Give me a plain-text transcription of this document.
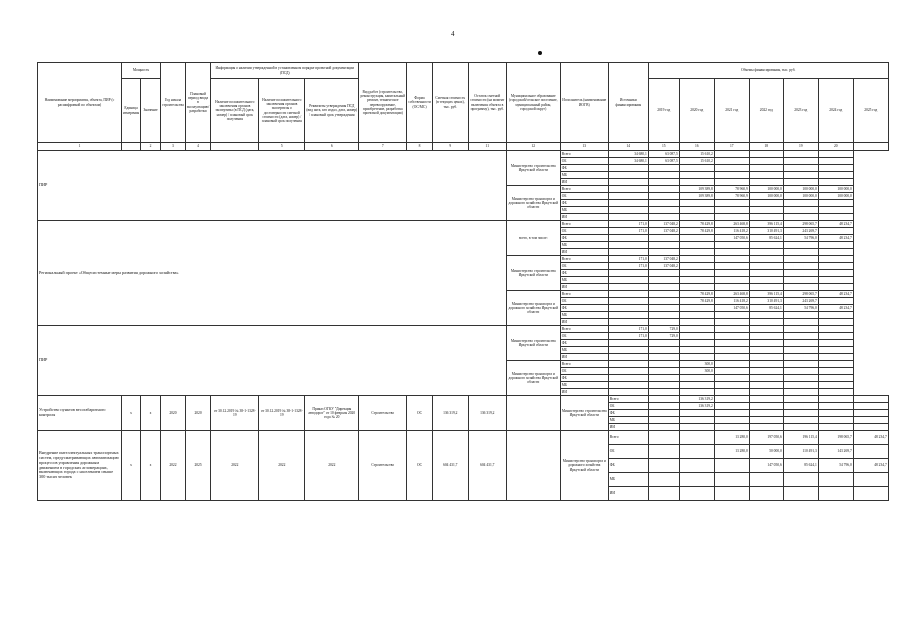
4
Наименование мероприятия, объекта, ПИР (с расшифровкой по объектам)	Мощность		Год начала строительства	Плановый период ввода в эксплуатацию/разработки	Информация о наличии утвержденной в установленном порядке проектной документации (ПСД)			Вид работ (строительство, реконструкция, капитальный ремонт, техническое перевооружение, приобретение, разработка проектной документации)	Форма собственности (ОС/МС)	Сметная стоимость (в текущих ценах), тыс. руб.	Остаток сметной стоимости (на момент включения объекта в программу), тыс. руб.	Муниципальное образование (городской/сельское поселение, муниципальный район, городской округ)	Исполнитель (наименование ИОГВ)	Источники финансирования	Объемы финансирования, тыс. руб.						
	Единица измерения	Значение			Наличие положительного заключения органов экспертизы (в ПСД (дата, номер) / плановый срок получения	Наличие положительного заключения органов экспертизы о достоверности сметной стоимости (дата, номер) / плановый срок получения	Реквизиты утверждения ПСД (вид акта, кто издал, дата, номер) / плановый срок утверждения								2019 год	2020 год	2021 год	2022 год	2023 год	2024 год	2025 год

1		2	3	4		5	6	7	8	9	11	12	13	14	15	16	17	18	19	20	
ПИР												Министерство строительства Иркутской области	Всего	34 680,1	63 087,5	15 610,2					
													ОБ	34 680,1	63 087,5	15 610,2					
													ФБ								
													МБ								
													ИИ								
												Министерство транспорта и дорожного хозяйства Иркутской области	Всего			109 389,8	78 960,9	100 000,0	100 000,0	100 000,0	
													ОБ			109 389,8	78 960,9	100 000,0	100 000,0	100 000,0	
													ФБ								
													МБ								
													ИИ								
Региональный проект «Общесистемные меры развития дорожного хозяйства»												всего, в том числе:	Всего	171,0	137 048,2	78 429,8	263 468,8	396 115,4	298 065,7	48 234,7	
													ОБ	171,0	137 048,2	78 429,8	116 418,2	310 491,3	243 269,7		
													ФБ				147 050,6	85 624,1	54 796,0	48 234,7	
													МБ								
													ИИ								
												Министерство строительства Иркутской области	Всего	171,0	137 048,2						
													ОБ	171,0	137 048,2						
													ФБ								
													МБ								
													ИИ								
												Министерство транспорта и дорожного хозяйства Иркутской области	Всего			78 429,8	263 468,8	396 115,4	298 065,7	48 234,7	
													ОБ			78 429,8	116 418,2	310 491,3	243 269,7		
													ФБ				147 050,6	85 624,1	54 796,0	48 234,7	
													МБ								
													ИИ								
ПИР												Министерство строительства Иркутской области	Всего	171,0	729,0						
													ОБ	171,0	729,0						
													ФБ								
													МБ								
													ИИ								
												Министерство транспорта и дорожного хозяйства Иркутской области	Всего			300,0					
													ОБ			300,0					
													ФБ								
													МБ								
													ИИ								
Устройство пунктов весогабаритного контроля	x	x	2020	2020	от 30.12.2019 № 38-1-1328-19	от 30.12.2019 № 38-1-1328-19	Приказ ОГКУ "Дирекция автодорог" от 10 февраля 2020 года № 20	Строительство	ОС	136 319,2	136 319,2		Министерство строительства Иркутской области	Всего		136 319,2					
														ОБ		136 319,2					
														ФБ							
														МБ							
														ИИ							
Внедрение интеллектуальных транспортных систем, предусматривающих автоматизацию процессов управления дорожным движением в городских агломерациях, включающих города с населением свыше 300 тысяч человек	x	x	2022	2025	2022	2022	2022	Строительство	ОС	604 431,7	604 431,7		Министерство транспорта и дорожного хозяйства Иркутской области	Всего			13 280,0	197 050,6	196 115,4	198 065,7	48 234,7
														ОБ			13 280,0	50 000,0	110 491,3	143 269,7	
														ФБ				147 050,6	85 624,1	54 796,0	48 234,7
														МБ							
														ИИ							
